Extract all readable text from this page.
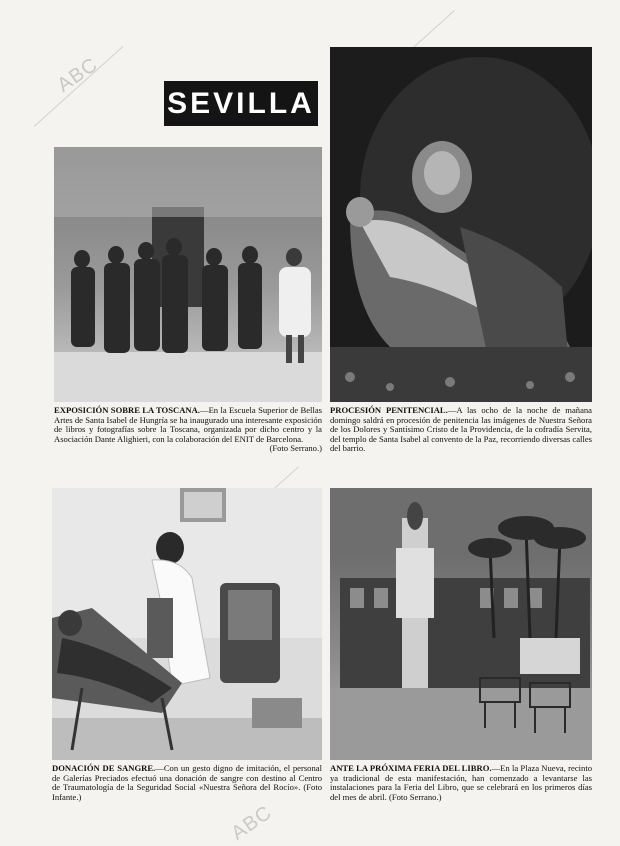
ABC
ABC
SEVILLA
EXPOSICIÓN SOBRE LA TOSCANA.—En la Escuela Superior de Bellas Artes de Santa Isabel de Hungría se ha inaugurado una interesante exposición de libros y fotografías sobre la Toscana, organizada por dicho centro y la Asociación Dante Alighieri, con la colaboración del ENIT de Barcelona.
(Foto Serrano.)
PROCESIÓN PENITENCIAL.—A las ocho de la noche de mañana domingo saldrá en procesión de penitencia las imágenes de Nuestra Señora de los Dolores y Santísimo Cristo de la Providencia, de la cofradía Servita, del templo de Santa Isabel al convento de la Paz, recorriendo diversas calles del barrio.
DONACIÓN DE SANGRE.—Con un gesto digno de imitación, el personal de Galerías Preciados efectuó una donación de sangre con destino al Centro de Traumatología de la Seguridad Social «Nuestra Señora del Rocío». (Foto Infante.)
ANTE LA PRÓXIMA FERIA DEL LIBRO.—En la Plaza Nueva, recinto ya tradicional de esta manifestación, han comenzado a levantarse las instalaciones para la Feria del Libro, que se celebrará en los primeros días del mes de abril. (Foto Serrano.)
